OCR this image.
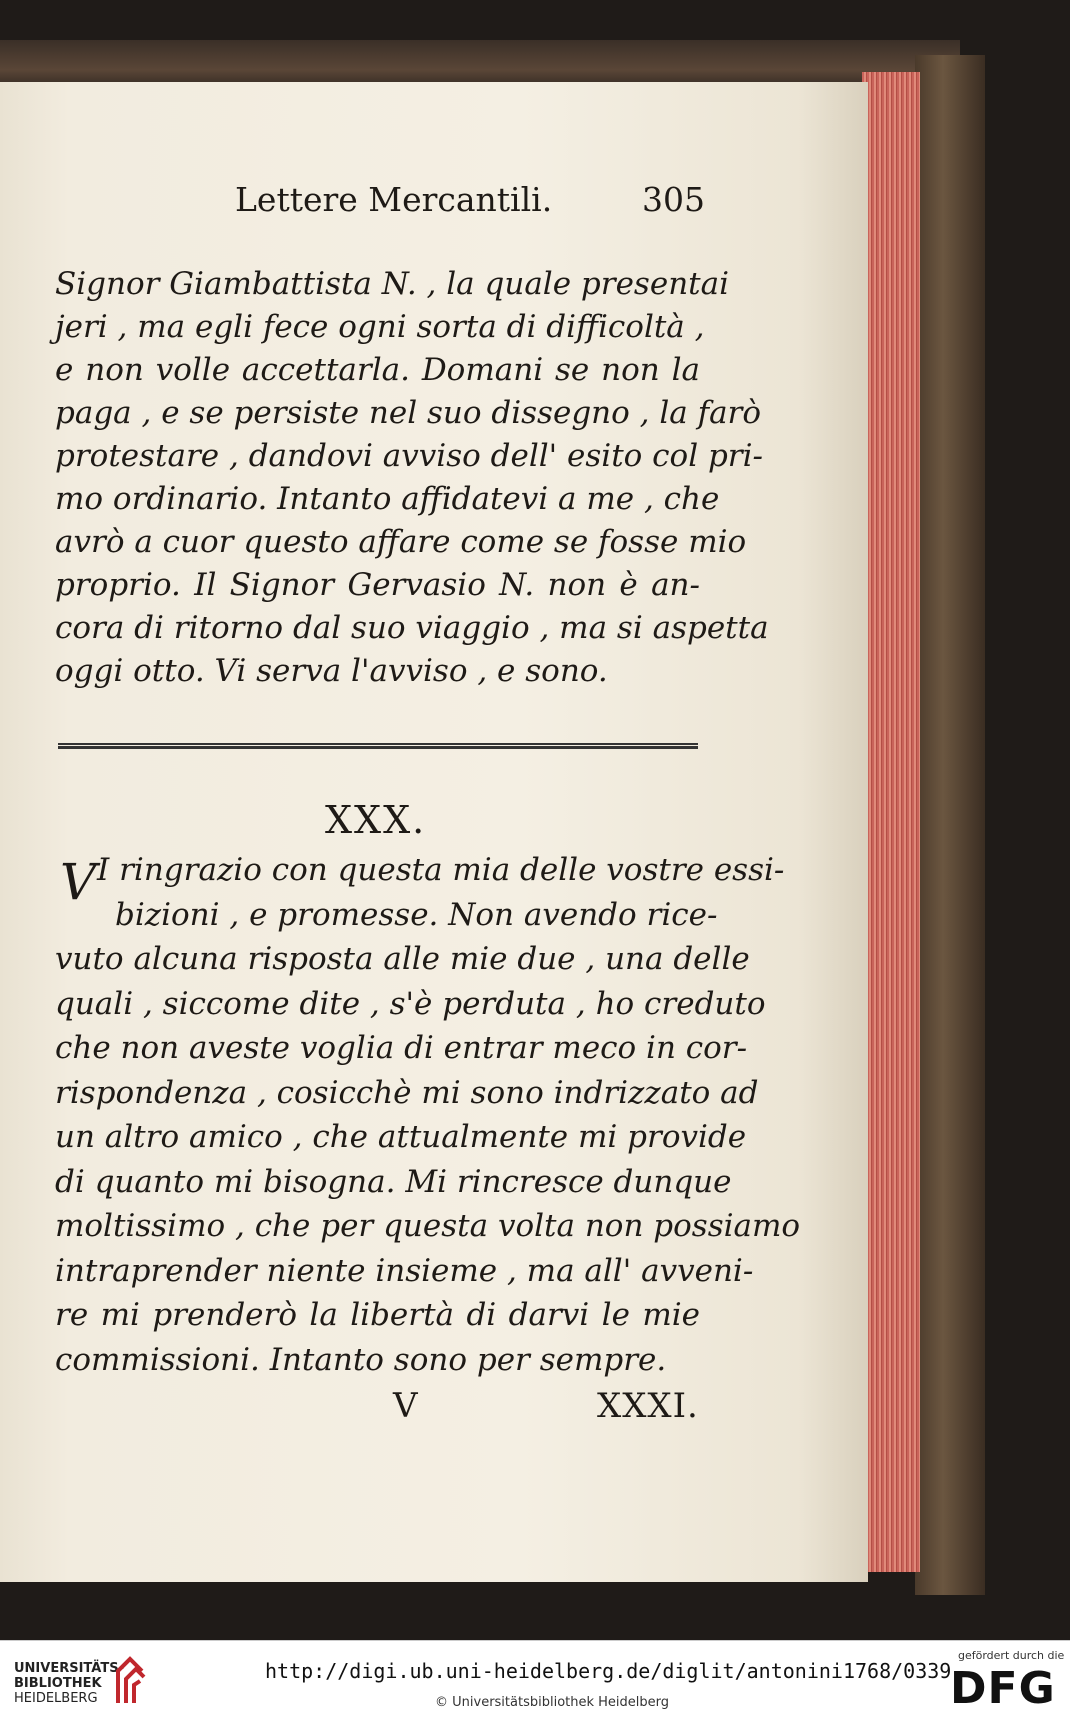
Lettere Mercantili.	305
Signor Giambattista N. , la quale presentai
jeri , ma egli fece ogni sorta di difficoltà ,
e non volle accettarla. Domani se non la
paga , e se persiste nel suo dissegno , la farò
protestare , dandovi avviso dell' esito col pri-
mo ordinario. Intanto affidatevi a me , che
avrò a cuor questo affare come se fosse mio
proprio. Il Signor Gervasio N. non è an-
cora di ritorno dal suo viaggio , ma si aspetta
oggi otto. Vi serva l'avviso , e sono.
XXX.
V I ringrazio con questa mia delle vostre essi-
bizioni , e promesse. Non avendo rice-
vuto alcuna risposta alle mie due , una delle
quali , siccome dite , s'è perduta , ho creduto
che non aveste voglia di entrar meco in cor-
rispondenza , cosicchè mi sono indrizzato ad
un altro amico , che attualmente mi provide
di quanto mi bisogna. Mi rincresce dunque
moltissimo , che per questa volta non possiamo
intraprender niente insieme , ma all' avveni-
re mi prenderò la libertà di darvi le mie
commissioni. Intanto sono per sempre.
V	XXXI.
UNIVERSITÄTS-
BIBLIOTHEK
HEIDELBERG
http://digi.ub.uni-heidelberg.de/diglit/antonini1768/0339
© Universitätsbibliothek Heidelberg
gefördert durch die
DFG
